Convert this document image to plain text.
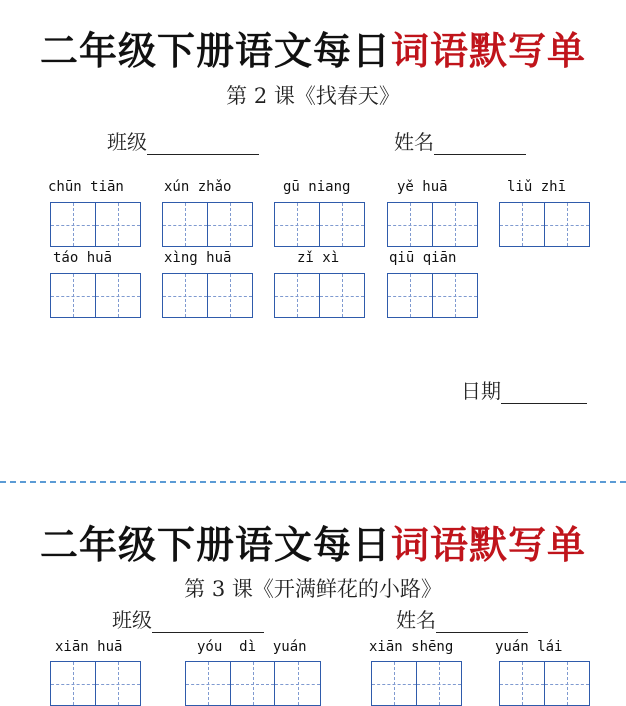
二年级下册语文每日词语默写单
第 2 课《找春天》
班级	姓名
chūn tiān	xún zhǎo	gū niang	yě huā	liǔ zhī
táo huā	xìng huā	zǐ xì	qiū qiān
日期
二年级下册语文每日词语默写单
第 3 课《开满鲜花的小路》
班级	姓名
xiān huā	yóu  dì  yuán	xiān shēng	yuán lái
